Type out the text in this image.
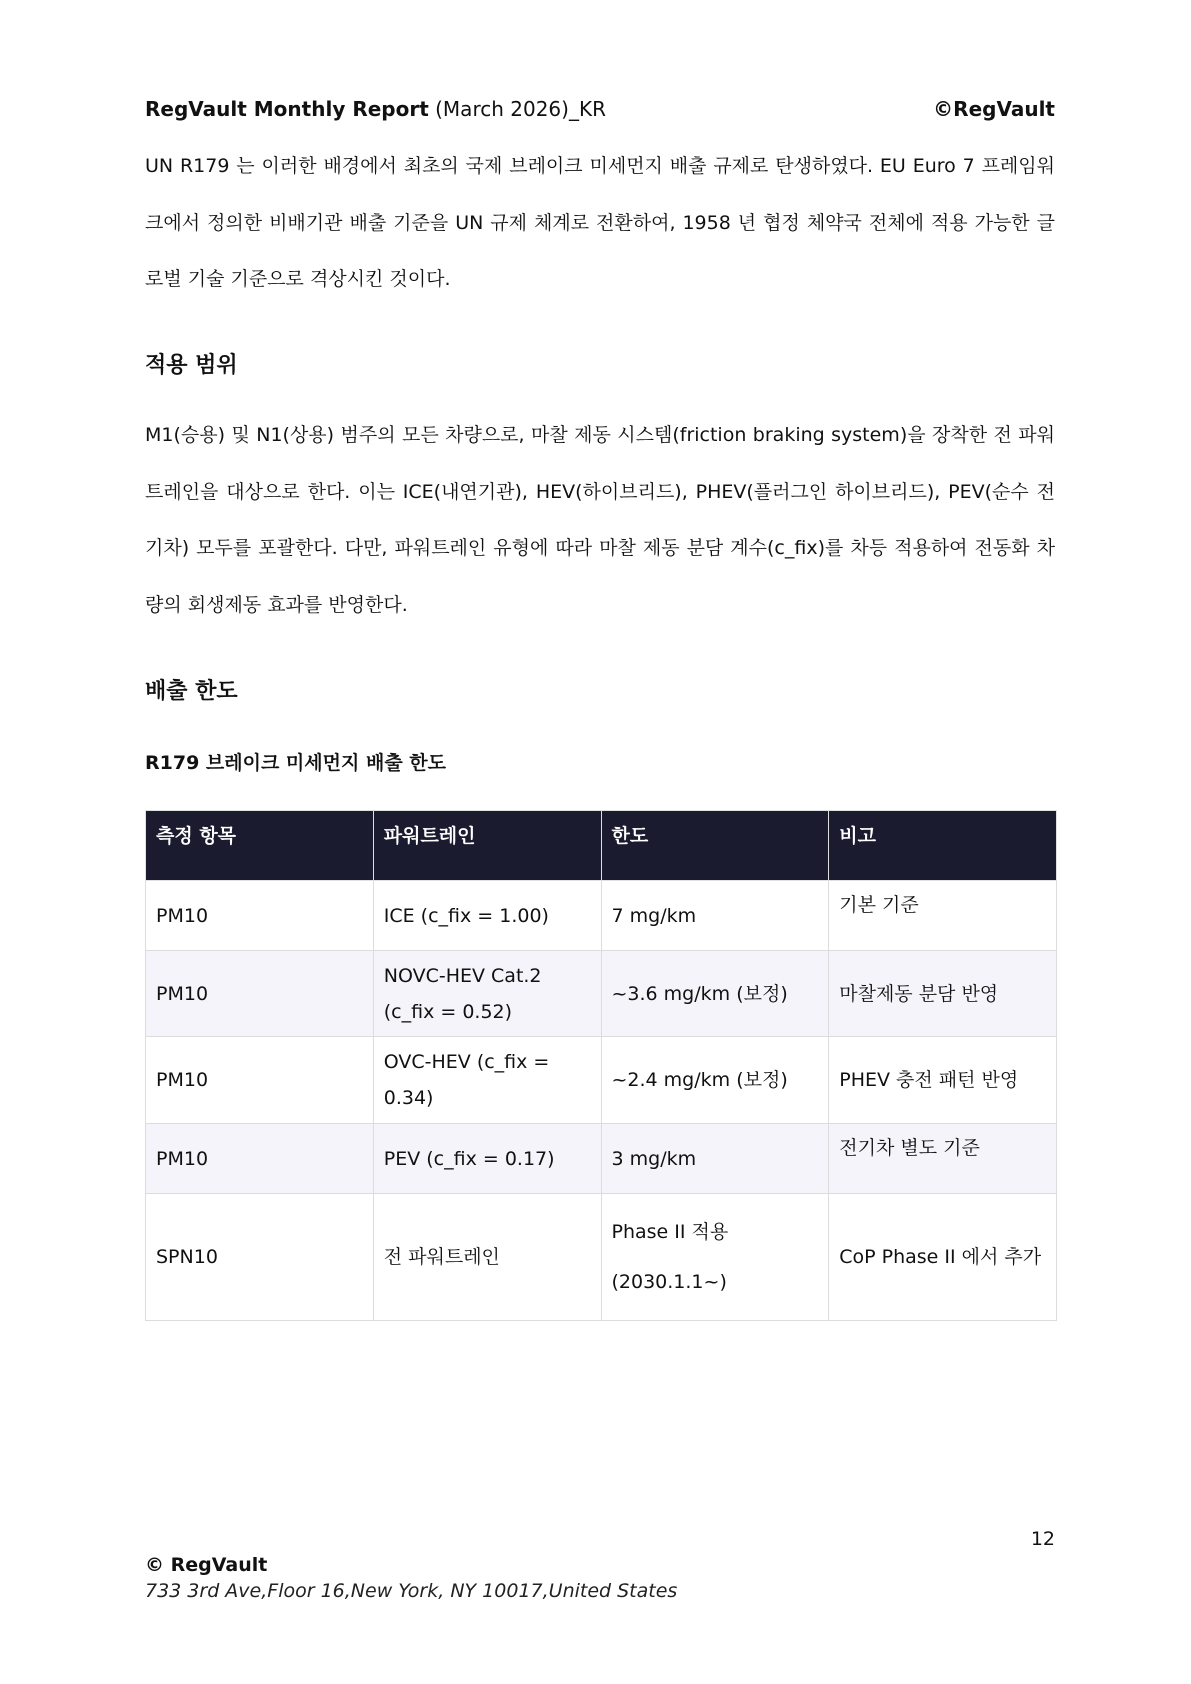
RegVault Monthly Report (March 2026)_KR	©RegVault

UN R179 는 이러한 배경에서 최초의 국제 브레이크 미세먼지 배출 규제로 탄생하였다. EU Euro 7 프레임워크에서 정의한 비배기관 배출 기준을 UN 규제 체계로 전환하여, 1958 년 협정 체약국 전체에 적용 가능한 글로벌 기술 기준으로 격상시킨 것이다.

적용 범위

M1(승용) 및 N1(상용) 범주의 모든 차량으로, 마찰 제동 시스템(friction braking system)을 장착한 전 파워트레인을 대상으로 한다. 이는 ICE(내연기관), HEV(하이브리드), PHEV(플러그인 하이브리드), PEV(순수 전기차) 모두를 포괄한다. 다만, 파워트레인 유형에 따라 마찰 제동 분담 계수(c_fix)를 차등 적용하여 전동화 차량의 회생제동 효과를 반영한다.

배출 한도
R179 브레이크 미세먼지 배출 한도
측정 항목	파워트레인	한도	비고
PM10	ICE (c_fix = 1.00)	7 mg/km	기본 기준
PM10	NOVC-HEV Cat.2 (c_fix = 0.52)	~3.6 mg/km (보정)	마찰제동 분담 반영
PM10	OVC-HEV (c_fix = 0.34)	~2.4 mg/km (보정)	PHEV 충전 패턴 반영
PM10	PEV (c_fix = 0.17)	3 mg/km	전기차 별도 기준
SPN10	전 파워트레인	Phase II 적용 (2030.1.1~)	CoP Phase II 에서 추가
12
© RegVault
733 3rd Ave,Floor 16,New York, NY 10017,United States
